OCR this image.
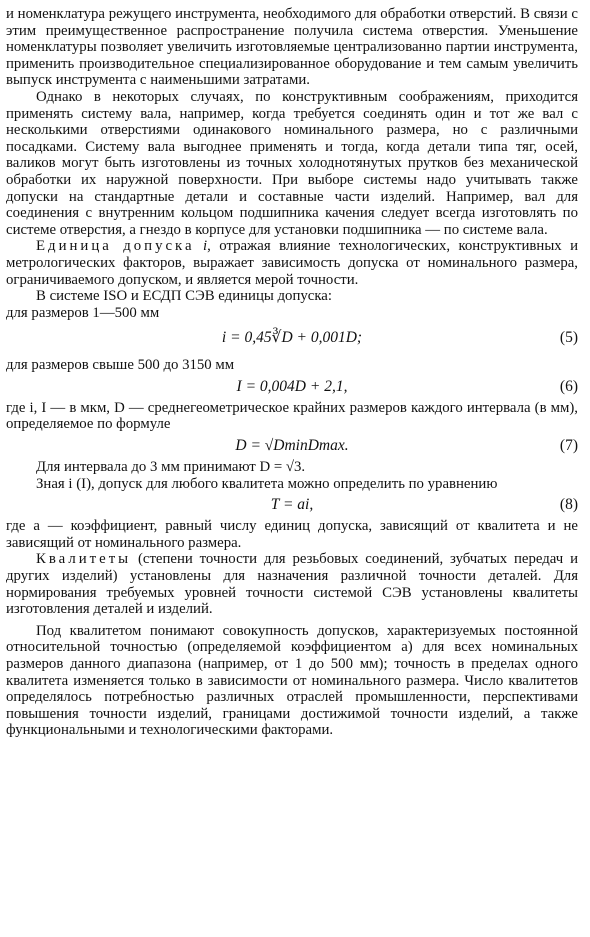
и номенклатура режущего инструмента, необходимого для обработки отверстий. В связи с этим преимущественное распространение получила система отверстия. Уменьшение номенклатуры позволяет увеличить изготовляемые централизованно партии инструмента, применить производительное специализированное оборудование и тем самым увеличить выпуск инструмента с наименьшими затратами.

Однако в некоторых случаях, по конструктивным соображениям, приходится применять систему вала, например, когда требуется соединять один и тот же вал с несколькими отверстиями одинакового номинального размера, но с различными посадками. Систему вала выгоднее применять и тогда, когда детали типа тяг, осей, валиков могут быть изготовлены из точных холоднотянутых прутков без механической обработки их наружной поверхности. При выборе системы надо учитывать также допуски на стандартные детали и составные части изделий. Например, вал для соединения с внутренним кольцом подшипника качения следует всегда изготовлять по системе отверстия, а гнездо в корпусе для установки подшипника — по системе вала.

Единица допуска i, отражая влияние технологических, конструктивных и метрологических факторов, выражает зависимость допуска от номинального размера, ограничиваемого допуском, и является мерой точности.

В системе ISO и ЕСДП СЭВ единицы допуска:

для размеров 1—500 мм

i = 0,45∛D + 0,001D;	(5)

для размеров свыше 500 до 3150 мм

I = 0,004D + 2,1,	(6)

где i, I — в мкм, D — среднегеометрическое крайних размеров каждого интервала (в мм), определяемое по формуле

D = √DminDmax.	(7)

Для интервала до 3 мм принимают D = √3.

Зная i (I), допуск для любого квалитета можно определить по уравнению

T = ai,	(8)

где a — коэффициент, равный числу единиц допуска, зависящий от квалитета и не зависящий от номинального размера.

Квалитеты (степени точности для резьбовых соединений, зубчатых передач и других изделий) установлены для назначения различной точности деталей. Для нормирования требуемых уровней точности системой СЭВ установлены квалитеты изготовления деталей и изделий.

Под квалитетом понимают совокупность допусков, характеризуемых постоянной относительной точностью (определяемой коэффициентом a) для всех номинальных размеров данного диапазона (например, от 1 до 500 мм); точность в пределах одного квалитета изменяется только в зависимости от номинального размера. Число квалитетов определялось потребностью различных отраслей промышленности, перспективами повышения точности изделий, границами достижимой точности изделий, а также функциональными и технологическими факторами.
